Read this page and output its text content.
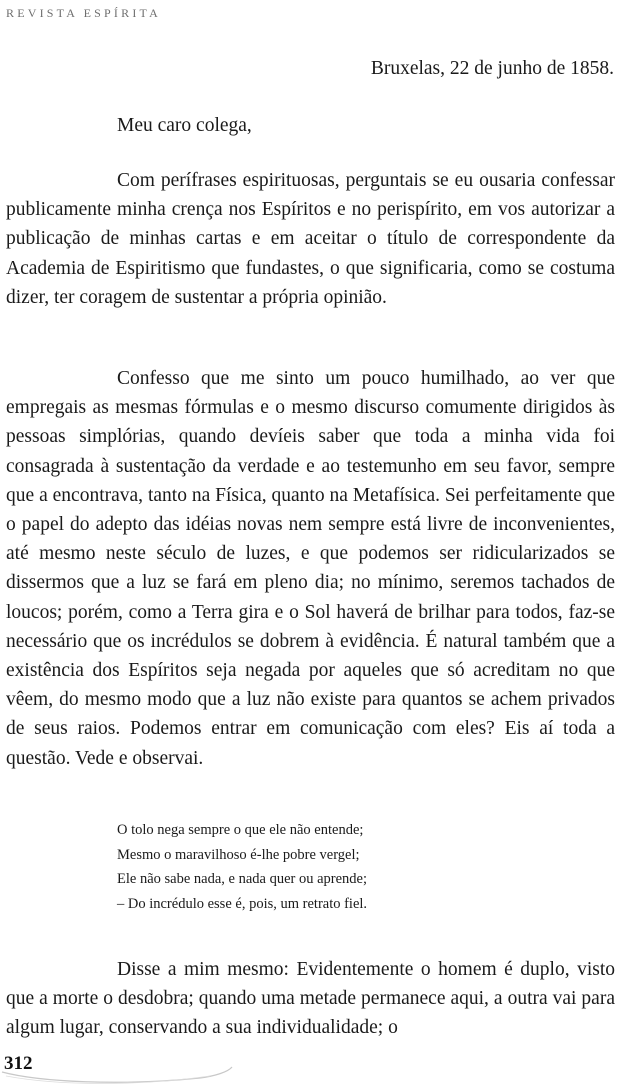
REVISTA ESPÍRITA
Bruxelas, 22 de junho de 1858.
Meu caro colega,

Com perífrases espirituosas, perguntais se eu ousaria confessar publicamente minha crença nos Espíritos e no perispírito, em vos autorizar a publicação de minhas cartas e em aceitar o título de correspondente da Academia de Espiritismo que fundastes, o que significaria, como se costuma dizer, ter coragem de sustentar a própria opinião.

Confesso que me sinto um pouco humilhado, ao ver que empregais as mesmas fórmulas e o mesmo discurso comumente dirigidos às pessoas simplórias, quando devíeis saber que toda a minha vida foi consagrada à sustentação da verdade e ao testemunho em seu favor, sempre que a encontrava, tanto na Física, quanto na Metafísica. Sei perfeitamente que o papel do adepto das idéias novas nem sempre está livre de inconvenientes, até mesmo neste século de luzes, e que podemos ser ridicularizados se dissermos que a luz se fará em pleno dia; no mínimo, seremos tachados de loucos; porém, como a Terra gira e o Sol haverá de brilhar para todos, faz-se necessário que os incrédulos se dobrem à evidência. É natural também que a existência dos Espíritos seja negada por aqueles que só acreditam no que vêem, do mesmo modo que a luz não existe para quantos se achem privados de seus raios. Podemos entrar em comunicação com eles? Eis aí toda a questão. Vede e observai.

O tolo nega sempre o que ele não entende;
Mesmo o maravilhoso é-lhe pobre vergel;
Ele não sabe nada, e nada quer ou aprende;
– Do incrédulo esse é, pois, um retrato fiel.

Disse a mim mesmo: Evidentemente o homem é duplo, visto que a morte o desdobra; quando uma metade permanece aqui, a outra vai para algum lugar, conservando a sua individualidade; o

312
